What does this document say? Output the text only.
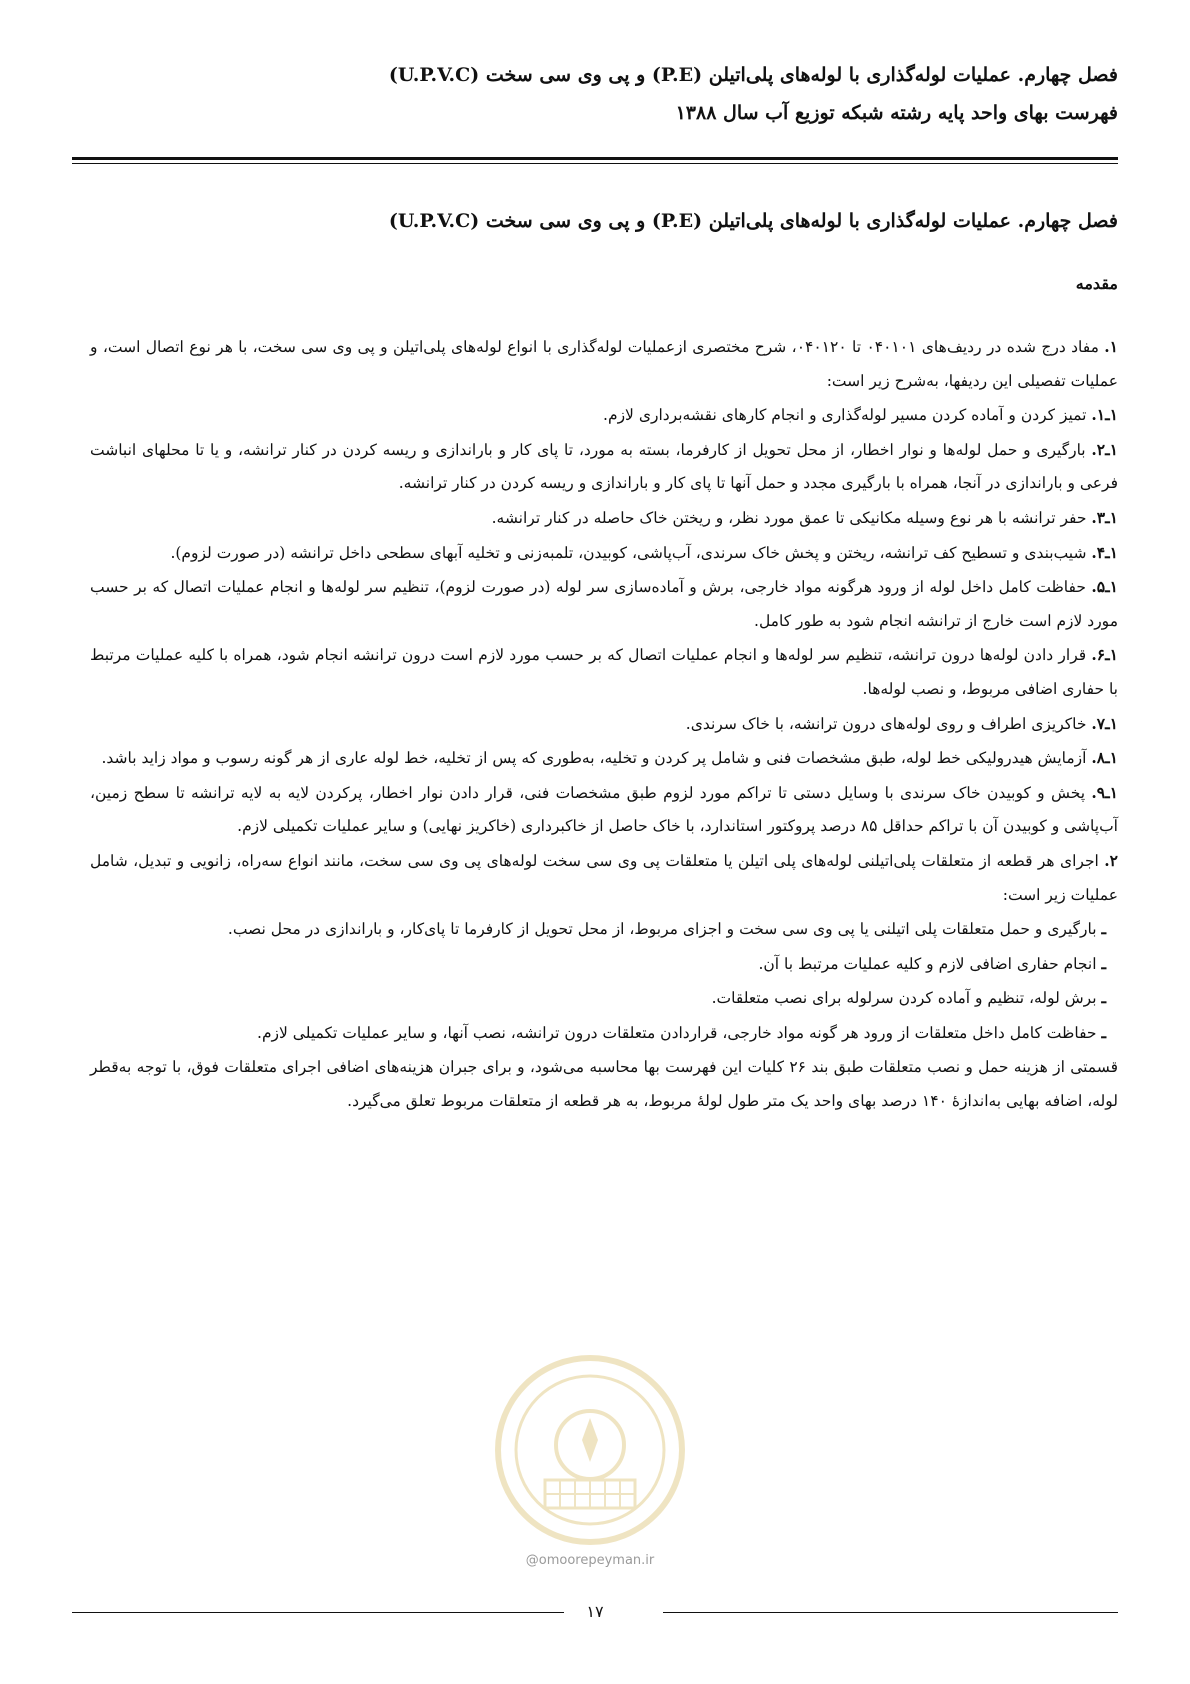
فصل چهارم. عملیات لوله‌گذاری با لوله‌های پلی‌اتیلن (P.E) و پی وی سی سخت (U.P.V.C)
فهرست بهای واحد پایه رشته شبکه توزیع آب سال ۱۳۸۸
فصل چهارم. عملیات لوله‌گذاری با لوله‌های پلی‌اتیلن (P.E) و پی وی سی سخت (U.P.V.C)
مقدمه

۱. مفاد درج شده در ردیف‌های ۰۴۰۱۰۱ تا ۰۴۰۱۲۰، شرح مختصری ازعملیات لوله‌گذاری با انواع لوله‌های پلی‌اتیلن و پی وی سی سخت، با هر نوع اتصال است، و عملیات تفصیلی این ردیفها، به‌شرح زیر است:

۱ـ۱. تمیز کردن و آماده کردن مسیر لوله‌گذاری و انجام کارهای نقشه‌برداری لازم.

۱ـ۲. بارگیری و حمل لوله‌ها و نوار اخطار، از محل تحویل از کارفرما، بسته به مورد، تا پای کار و باراندازی و ریسه کردن در کنار ترانشه، و یا تا محلهای انباشت فرعی و باراندازی در آنجا، همراه با بارگیری مجدد و حمل آنها تا پای کار و باراندازی و ریسه کردن در کنار ترانشه.

۱ـ۳. حفر ترانشه با هر نوع وسیله مکانیکی تا عمق مورد نظر، و ریختن خاک حاصله در کنار ترانشه.

۱ـ۴. شیب‌بندی و تسطیح کف ترانشه، ریختن و پخش خاک سرندی، آب‌پاشی، کوبیدن، تلمبه‌زنی و تخلیه آبهای سطحی داخل ترانشه (در صورت لزوم).

۱ـ۵. حفاظت کامل داخل لوله از ورود هرگونه مواد خارجی، برش و آماده‌سازی سر لوله (در صورت لزوم)، تنظیم سر لوله‌ها و انجام عملیات اتصال که بر حسب مورد لازم است خارج از ترانشه انجام شود به طور کامل.

۱ـ۶. قرار دادن لوله‌ها درون ترانشه، تنظیم سر لوله‌ها و انجام عملیات اتصال که بر حسب مورد لازم است درون ترانشه انجام شود، همراه با کلیه عملیات مرتبط با حفاری اضافی مربوط، و نصب لوله‌ها.

۱ـ۷. خاکریزی اطراف و روی لوله‌های درون ترانشه، با خاک سرندی.

۱ـ۸. آزمایش هیدرولیکی خط لوله، طبق مشخصات فنی و شامل پر کردن و تخلیه، به‌طوری که پس از تخلیه، خط لوله عاری از هر گونه رسوب و مواد زاید باشد.

۱ـ۹. پخش و کوبیدن خاک سرندی با وسایل دستی تا تراکم مورد لزوم طبق مشخصات فنی، قرار دادن نوار اخطار، پرکردن لایه به لایه ترانشه تا سطح زمین، آب‌پاشی و کوبیدن آن با تراکم حداقل ۸۵ درصد پروکتور استاندارد، با خاک حاصل از خاکبرداری (خاکریز نهایی) و سایر عملیات تکمیلی لازم.

۲. اجرای هر قطعه از متعلقات پلی‌اتیلنی لوله‌های پلی اتیلن یا متعلقات پی وی سی سخت لوله‌های پی وی سی سخت، مانند انواع سه‌راه، زانویی و تبدیل، شامل عملیات زیر است:

ـ بارگیری و حمل متعلقات پلی اتیلنی یا پی وی سی سخت و اجزای مربوط، از محل تحویل از کارفرما تا پای‌کار، و باراندازی در محل نصب.

ـ انجام حفاری اضافی لازم و کلیه عملیات مرتبط با آن.

ـ برش لوله، تنظیم و آماده کردن سرلوله برای نصب متعلقات.

ـ حفاظت کامل داخل متعلقات از ورود هر گونه مواد خارجی، قراردادن متعلقات درون ترانشه، نصب آنها، و سایر عملیات تکمیلی لازم.

قسمتی از هزینه حمل و نصب متعلقات طبق بند ۲۶ کلیات این فهرست بها محاسبه می‌شود، و برای جبران هزینه‌های اضافی اجرای متعلقات فوق، با توجه به‌قطر لوله، اضافه بهایی به‌اندازهٔ ۱۴۰ درصد بهای واحد یک متر طول لولهٔ مربوط، به هر قطعه از متعلقات مربوط تعلق می‌گیرد.

@omoorepeyman.ir
۱۷
